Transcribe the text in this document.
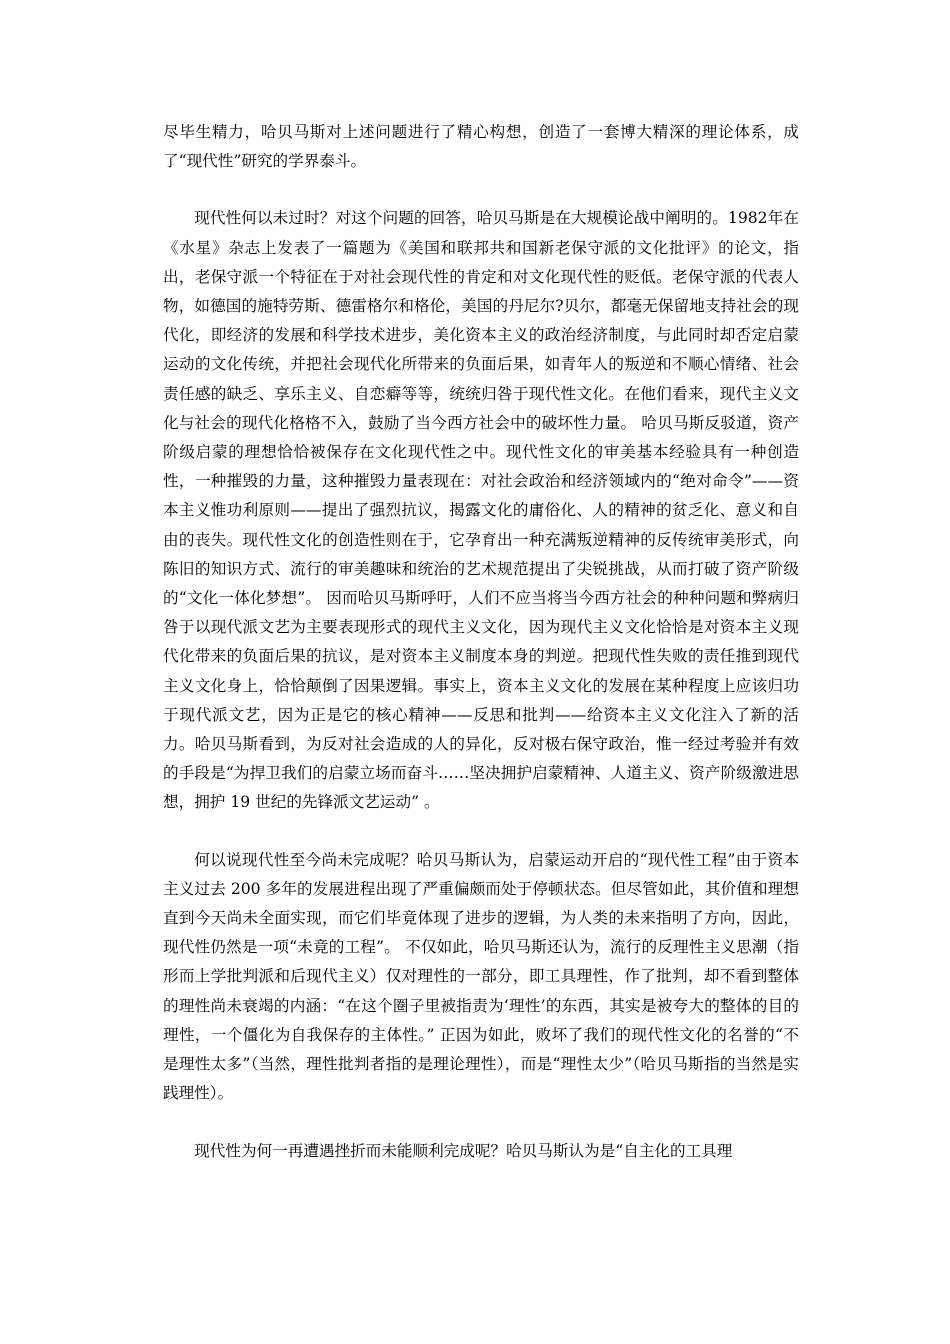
尽毕生精力，哈贝马斯对上述问题进行了精心构想，创造了一套博大精深的理论体系，成了“现代性”研究的学界泰斗。

现代性何以未过时？对这个问题的回答，哈贝马斯是在大规模论战中阐明的。1982年在《水星》杂志上发表了一篇题为《美国和联邦共和国新老保守派的文化批评》的论文，指出，老保守派一个特征在于对社会现代性的肯定和对文化现代性的贬低。老保守派的代表人物，如德国的施特劳斯、德雷格尔和格伦，美国的丹尼尔?贝尔，都毫无保留地支持社会的现代化，即经济的发展和科学技术进步，美化资本主义的政治经济制度，与此同时却否定启蒙运动的文化传统，并把社会现代化所带来的负面后果，如青年人的叛逆和不顺心情绪、社会责任感的缺乏、享乐主义、自恋癖等等，统统归咎于现代性文化。在他们看来，现代主义文化与社会的现代化格格不入，鼓励了当今西方社会中的破坏性力量。 哈贝马斯反驳道，资产阶级启蒙的理想恰恰被保存在文化现代性之中。现代性文化的审美基本经验具有一种创造性，一种摧毁的力量，这种摧毁力量表现在：对社会政治和经济领域内的“绝对命令”——资本主义惟功利原则——提出了强烈抗议，揭露文化的庸俗化、人的精神的贫乏化、意义和自由的丧失。现代性文化的创造性则在于，它孕育出一种充满叛逆精神的反传统审美形式，向陈旧的知识方式、流行的审美趣味和统治的艺术规范提出了尖锐挑战，从而打破了资产阶级的“文化一体化梦想”。 因而哈贝马斯呼吁，人们不应当将当今西方社会的种种问题和弊病归咎于以现代派文艺为主要表现形式的现代主义文化，因为现代主义文化恰恰是对资本主义现代化带来的负面后果的抗议，是对资本主义制度本身的判逆。把现代性失败的责任推到现代主义文化身上，恰恰颠倒了因果逻辑。事实上，资本主义文化的发展在某种程度上应该归功于现代派文艺，因为正是它的核心精神——反思和批判——给资本主义文化注入了新的活力。哈贝马斯看到，为反对社会造成的人的异化，反对极右保守政治，惟一经过考验并有效的手段是“为捍卫我们的启蒙立场而奋斗……坚决拥护启蒙精神、人道主义、资产阶级激进思想，拥护 19 世纪的先锋派文艺运动” 。

何以说现代性至今尚未完成呢？哈贝马斯认为，启蒙运动开启的“现代性工程”由于资本主义过去 200 多年的发展进程出现了严重偏颇而处于停顿状态。但尽管如此，其价值和理想直到今天尚未全面实现，而它们毕竟体现了进步的逻辑，为人类的未来指明了方向，因此，现代性仍然是一项“未竟的工程”。 不仅如此，哈贝马斯还认为，流行的反理性主义思潮（指形而上学批判派和后现代主义）仅对理性的一部分，即工具理性，作了批判，却不看到整体的理性尚未衰竭的内涵：“在这个圈子里被指责为‘理性’的东西，其实是被夸大的整体的目的理性，一个僵化为自我保存的主体性。” 正因为如此，败坏了我们的现代性文化的名誉的“不是理性太多”（当然，理性批判者指的是理论理性），而是“理性太少”（哈贝马斯指的当然是实践理性）。

现代性为何一再遭遇挫折而未能顺利完成呢？哈贝马斯认为是“自主化的工具理
